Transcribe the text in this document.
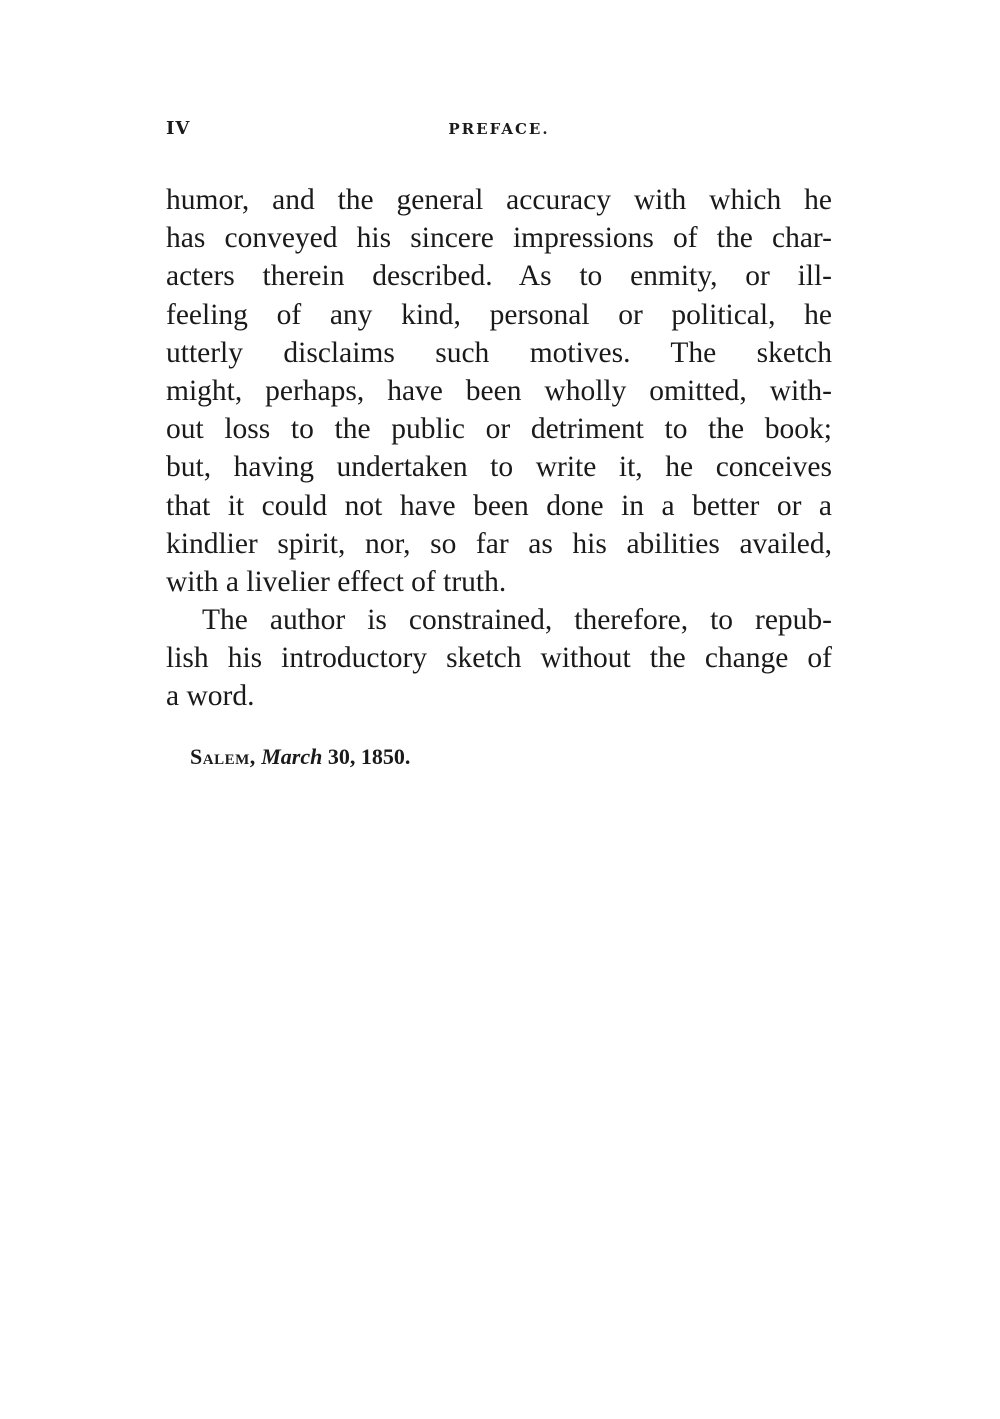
IV	PREFACE.
humor, and the general accuracy with which he
has conveyed his sincere impressions of the char-
acters therein described. As to enmity, or ill-
feeling of any kind, personal or political, he
utterly disclaims such motives. The sketch
might, perhaps, have been wholly omitted, with-
out loss to the public or detriment to the book;
but, having undertaken to write it, he conceives
that it could not have been done in a better or a
kindlier spirit, nor, so far as his abilities availed,
with a livelier effect of truth.
The author is constrained, therefore, to repub-
lish his introductory sketch without the change of
a word.
Salem, March 30, 1850.
